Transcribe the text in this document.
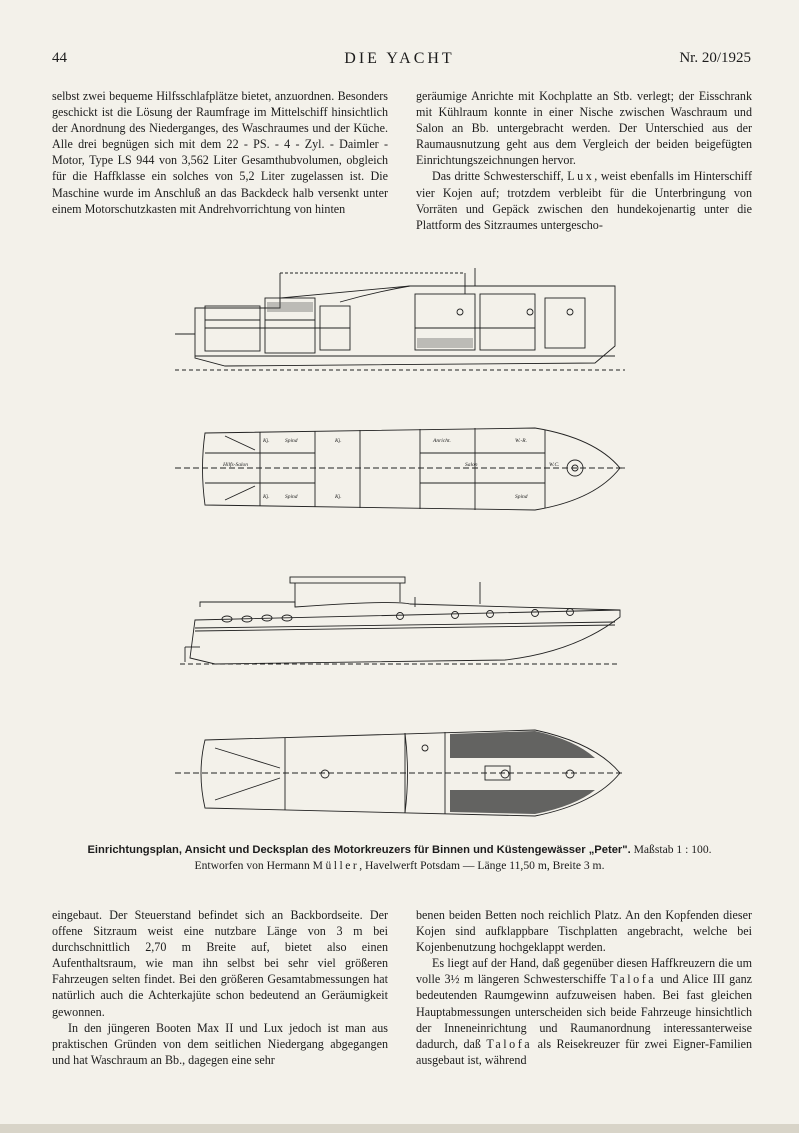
44	DIE YACHT	Nr. 20/1925

selbst zwei bequeme Hilfsschlafplätze bietet, anzuordnen. Besonders geschickt ist die Lösung der Raumfrage im Mittelschiff hinsichtlich der Anordnung des Niederganges, des Waschraumes und der Küche. Alle drei begnügen sich mit dem 22 - PS. - 4 - Zyl. - Daimler - Motor, Type LS 944 von 3,562 Liter Gesamthubvolumen, obgleich für die Haffklasse ein solches von 5,2 Liter zugelassen ist. Die Maschine wurde im Anschluß an das Backdeck halb versenkt unter einem Motorschutzkasten mit Andrehvorrichtung von hinten

geräumige Anrichte mit Kochplatte an Stb. verlegt; der Eisschrank mit Kühlraum konnte in einer Nische zwischen Waschraum und Salon an Bb. untergebracht werden. Der Unterschied aus der Raumausnutzung geht aus dem Vergleich der beiden beigefügten Einrichtungszeichnungen hervor.

Das dritte Schwesterschiff, Lux, weist ebenfalls im Hinterschiff vier Kojen auf; trotzdem verbleibt für die Unterbringung von Vorräten und Gepäck zwischen den hundekojenartig unter die Plattform des Sitzraumes untergescho-

Kj.	Spind	Kj.
Kj.	Spind	Kj.
Hilfs-Salon
Anricht.	W.-R.
Salon	W.C.
Spind
Einrichtungsplan, Ansicht und Decksplan des Motorkreuzers für Binnen und Küstengewässer „Peter". Maßstab 1 : 100.
Entworfen von Hermann Müller, Havelwerft Potsdam — Länge 11,50 m, Breite 3 m.

eingebaut. Der Steuerstand befindet sich an Backbordseite. Der offene Sitzraum weist eine nutzbare Länge von 3 m bei durchschnittlich 2,70 m Breite auf, bietet also einen Aufenthaltsraum, wie man ihn selbst bei sehr viel größeren Fahrzeugen selten findet. Bei den größeren Gesamtabmessungen hat natürlich auch die Achterkajüte schon bedeutend an Geräumigkeit gewonnen.

In den jüngeren Booten Max II und Lux jedoch ist man aus praktischen Gründen von dem seitlichen Niedergang abgegangen und hat Waschraum an Bb., dagegen eine sehr

benen beiden Betten noch reichlich Platz. An den Kopfenden dieser Kojen sind aufklappbare Tischplatten angebracht, welche bei Kojenbenutzung hochgeklappt werden.

Es liegt auf der Hand, daß gegenüber diesen Haffkreuzern die um volle 3½ m längeren Schwesterschiffe Talofa und Alice III ganz bedeutenden Raumgewinn aufzuweisen haben. Bei fast gleichen Hauptabmessungen unterscheiden sich beide Fahrzeuge hinsichtlich der Inneneinrichtung und Raumanordnung interessanterweise dadurch, daß Talofa als Reisekreuzer für zwei Eigner-Familien ausgebaut ist, während
